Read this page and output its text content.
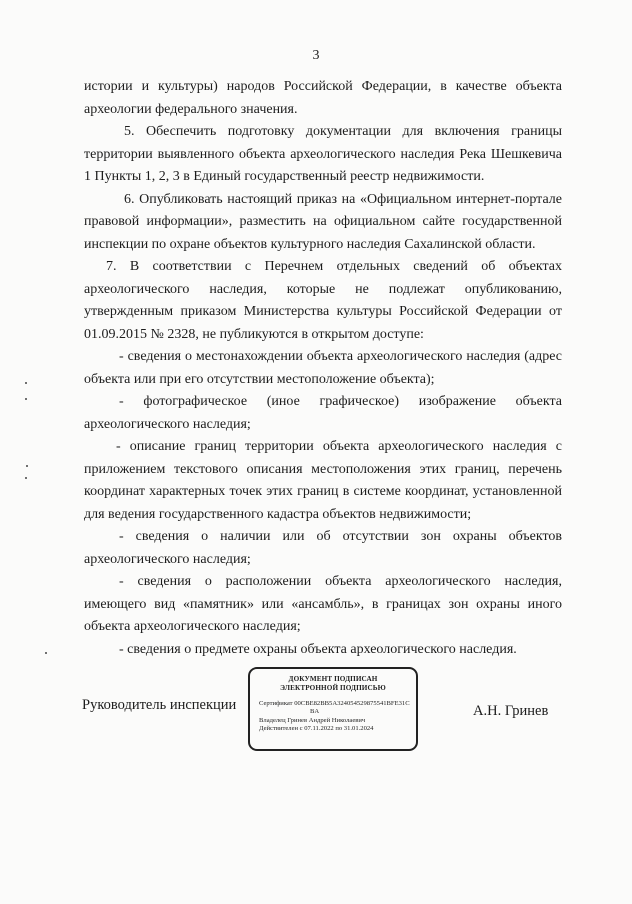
3
истории и культуры) народов Российской Федерации, в качестве объекта
археологии федерального значения.
5. Обеспечить подготовку документации для включения границы
территории выявленного объекта археологического наследия Река Шешкевича
1 Пункты 1, 2, 3 в Единый государственный реестр недвижимости.
6. Опубликовать настоящий приказ на «Официальном интернет-портале
правовой информации», разместить на официальном сайте государственной
инспекции по охране объектов культурного наследия Сахалинской области.
7. В соответствии с Перечнем отдельных сведений об объектах
археологического наследия, которые не подлежат опубликованию,
утвержденным приказом Министерства культуры Российской Федерации от
01.09.2015 № 2328, не публикуются в открытом доступе:
- сведения о местонахождении объекта археологического наследия (адрес
объекта или при его отсутствии местоположение объекта);
- фотографическое (иное графическое) изображение объекта
археологического наследия;
- описание границ территории объекта археологического наследия с
приложением текстового описания местоположения этих границ, перечень
координат характерных точек этих границ в системе координат, установленной
для ведения государственного кадастра объектов недвижимости;
- сведения о наличии или об отсутствии зон охраны объектов
археологического наследия;
- сведения о расположении объекта археологического наследия,
имеющего вид «памятник» или «ансамбль», в границах зон охраны иного
объекта археологического наследия;
- сведения о предмете охраны объекта археологического наследия.
Руководитель инспекции	А.Н. Гринев
ДОКУМЕНТ ПОДПИСАН
ЭЛЕКТРОННОЙ ПОДПИСЬЮ
Сертификат 00CBE82BB5A324054529875541BFE31C
BA
Владелец Гринев Андрей Николаевич
Действителен с 07.11.2022 по 31.01.2024
